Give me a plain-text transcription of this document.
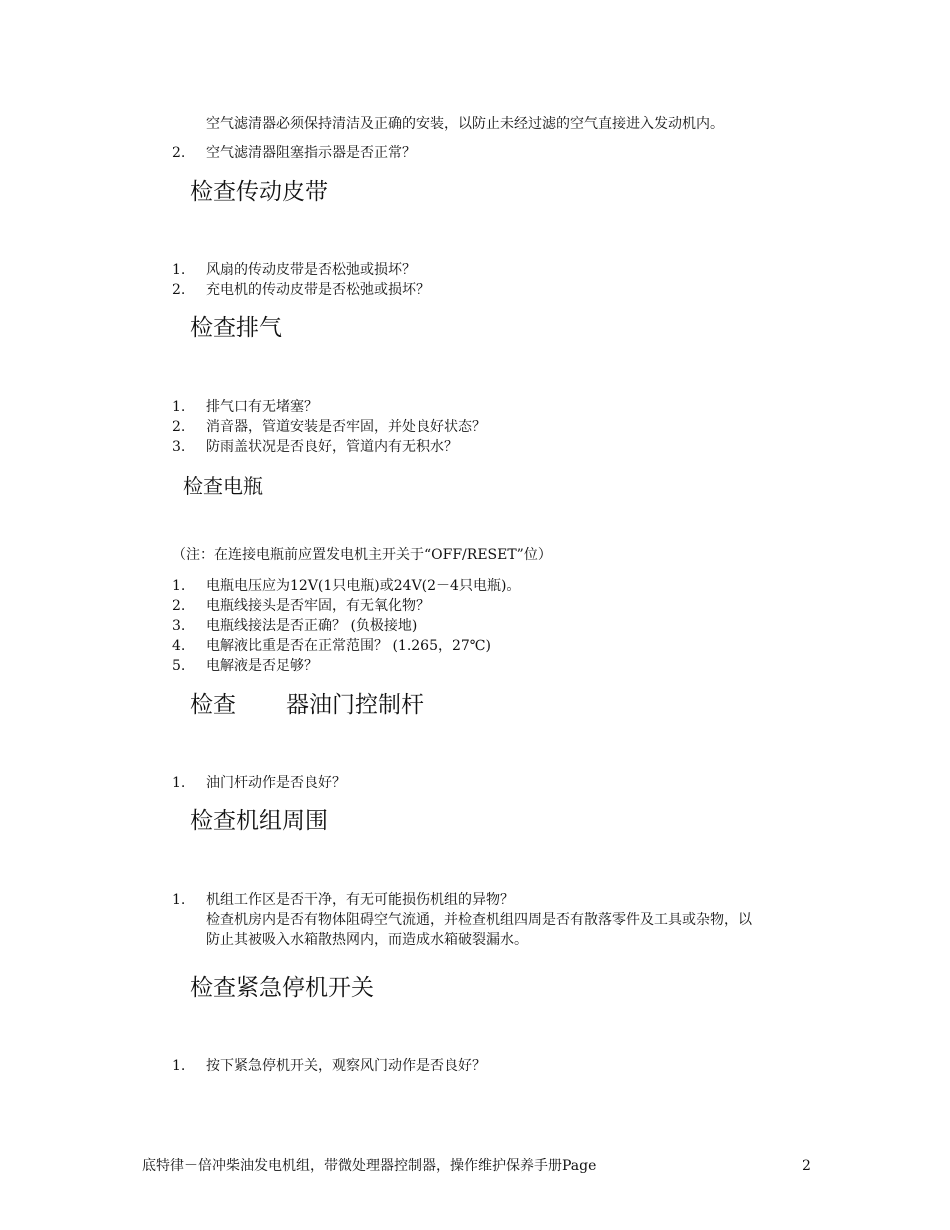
空气滤清器必须保持清洁及正确的安装，以防止未经过滤的空气直接进入发动机内。
2. 空气滤清器阻塞指示器是否正常？
检查传动皮带
1. 风扇的传动皮带是否松弛或损坏？
2. 充电机的传动皮带是否松弛或损坏？
检查排气
1. 排气口有无堵塞？
2. 消音器，管道安装是否牢固，并处良好状态？
3. 防雨盖状况是否良好，管道内有无积水？
检查电瓶
（注：在连接电瓶前应置发电机主开关于“OFF/RESET”位）
1. 电瓶电压应为12V(1只电瓶)或24V(2－4只电瓶)。
2. 电瓶线接头是否牢固，有无氧化物？
3. 电瓶线接法是否正确？ (负极接地)
4. 电解液比重是否在正常范围？ (1.265，27℃)
5. 电解液是否足够？
检查 器油门控制杆
1. 油门杆动作是否良好？
检查机组周围
1. 机组工作区是否干净，有无可能损伤机组的异物？
检查机房内是否有物体阻碍空气流通，并检查机组四周是否有散落零件及工具或杂物，以
防止其被吸入水箱散热网内，而造成水箱破裂漏水。
检查紧急停机开关
1. 按下紧急停机开关，观察风门动作是否良好？
底特律－倍冲柴油发电机组，带微处理器控制器，操作维护保养手册Page	2
